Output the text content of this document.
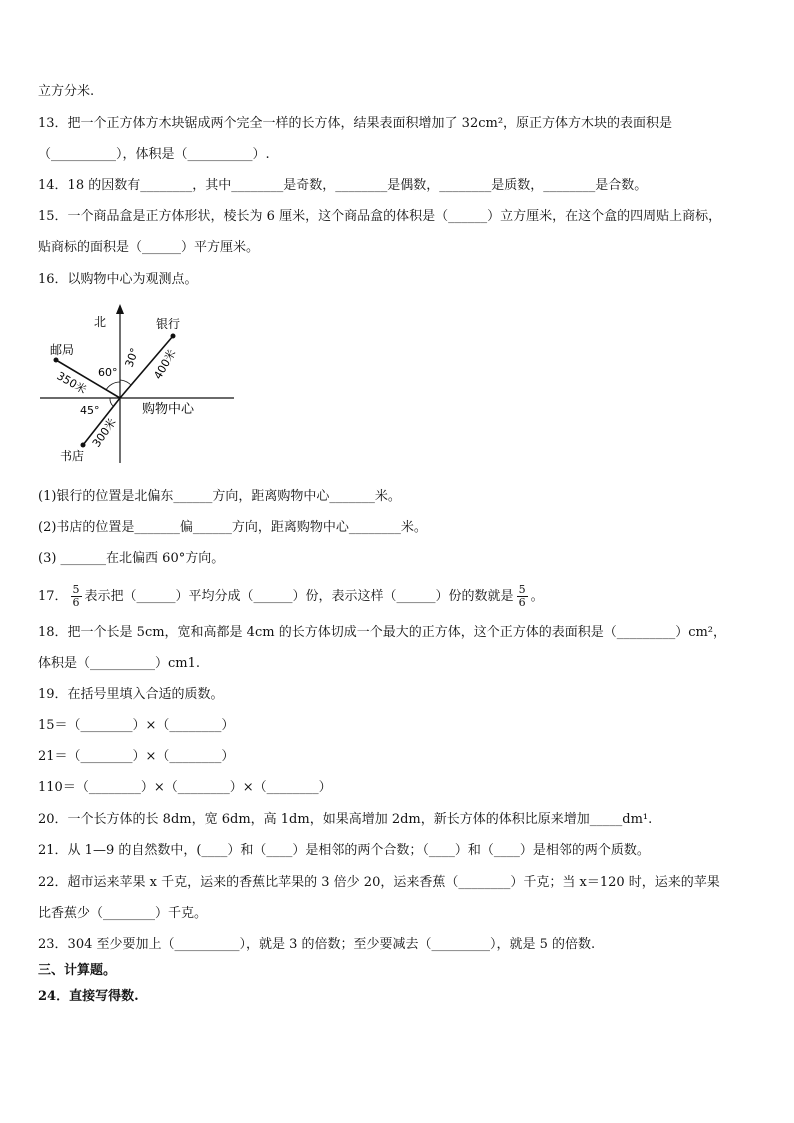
立方分米.
13．把一个正方体方木块锯成两个完全一样的长方体，结果表面积增加了 32cm²，原正方体方木块的表面积是
（__________），体积是（__________）.
14．18 的因数有________，其中________是奇数，________是偶数，________是质数，________是合数。
15．一个商品盒是正方体形状，棱长为 6 厘米，这个商品盒的体积是（______）立方厘米，在这个盒的四周贴上商标，
贴商标的面积是（______）平方厘米。
16．以购物中心为观测点。
(1)银行的位置是北偏东______方向，距离购物中心_______米。
(2)书店的位置是_______偏______方向，距离购物中心________米。
(3) _______在北偏西 60°方向。
18．把一个长是 5cm，宽和高都是 4cm 的长方体切成一个最大的正方体，这个正方体的表面积是（_________）cm²，
体积是（__________）cm1.
19．在括号里填入合适的质数。
15＝（________）×（________）
21＝（________）×（________）
110＝（________）×（________）×（________）
20．一个长方体的长 8dm，宽 6dm，高 1dm，如果高增加 2dm，新长方体的体积比原来增加_____dm¹.
21．从 1—9 的自然数中，(____）和（____）是相邻的两个合数；（____）和（____）是相邻的两个质数。
22．超市运来苹果 x 千克，运来的香蕉比苹果的 3 倍少 20，运来香蕉（________）千克；当 x＝120 时，运来的苹果
比香蕉少（________）千克。
23．304 至少要加上（__________），就是 3 的倍数；至少要减去（_________），就是 5 的倍数.
三、计算题。
24．直接写得数.
17． $\frac{5}{6}$ 表示把（______）平均分成（______）份，表示这样（______）份的数就是 $\frac{5}{6}$ 。
北	银行
邮局
书店
购物中心
60°
30°
45°
400米
350米
300米
